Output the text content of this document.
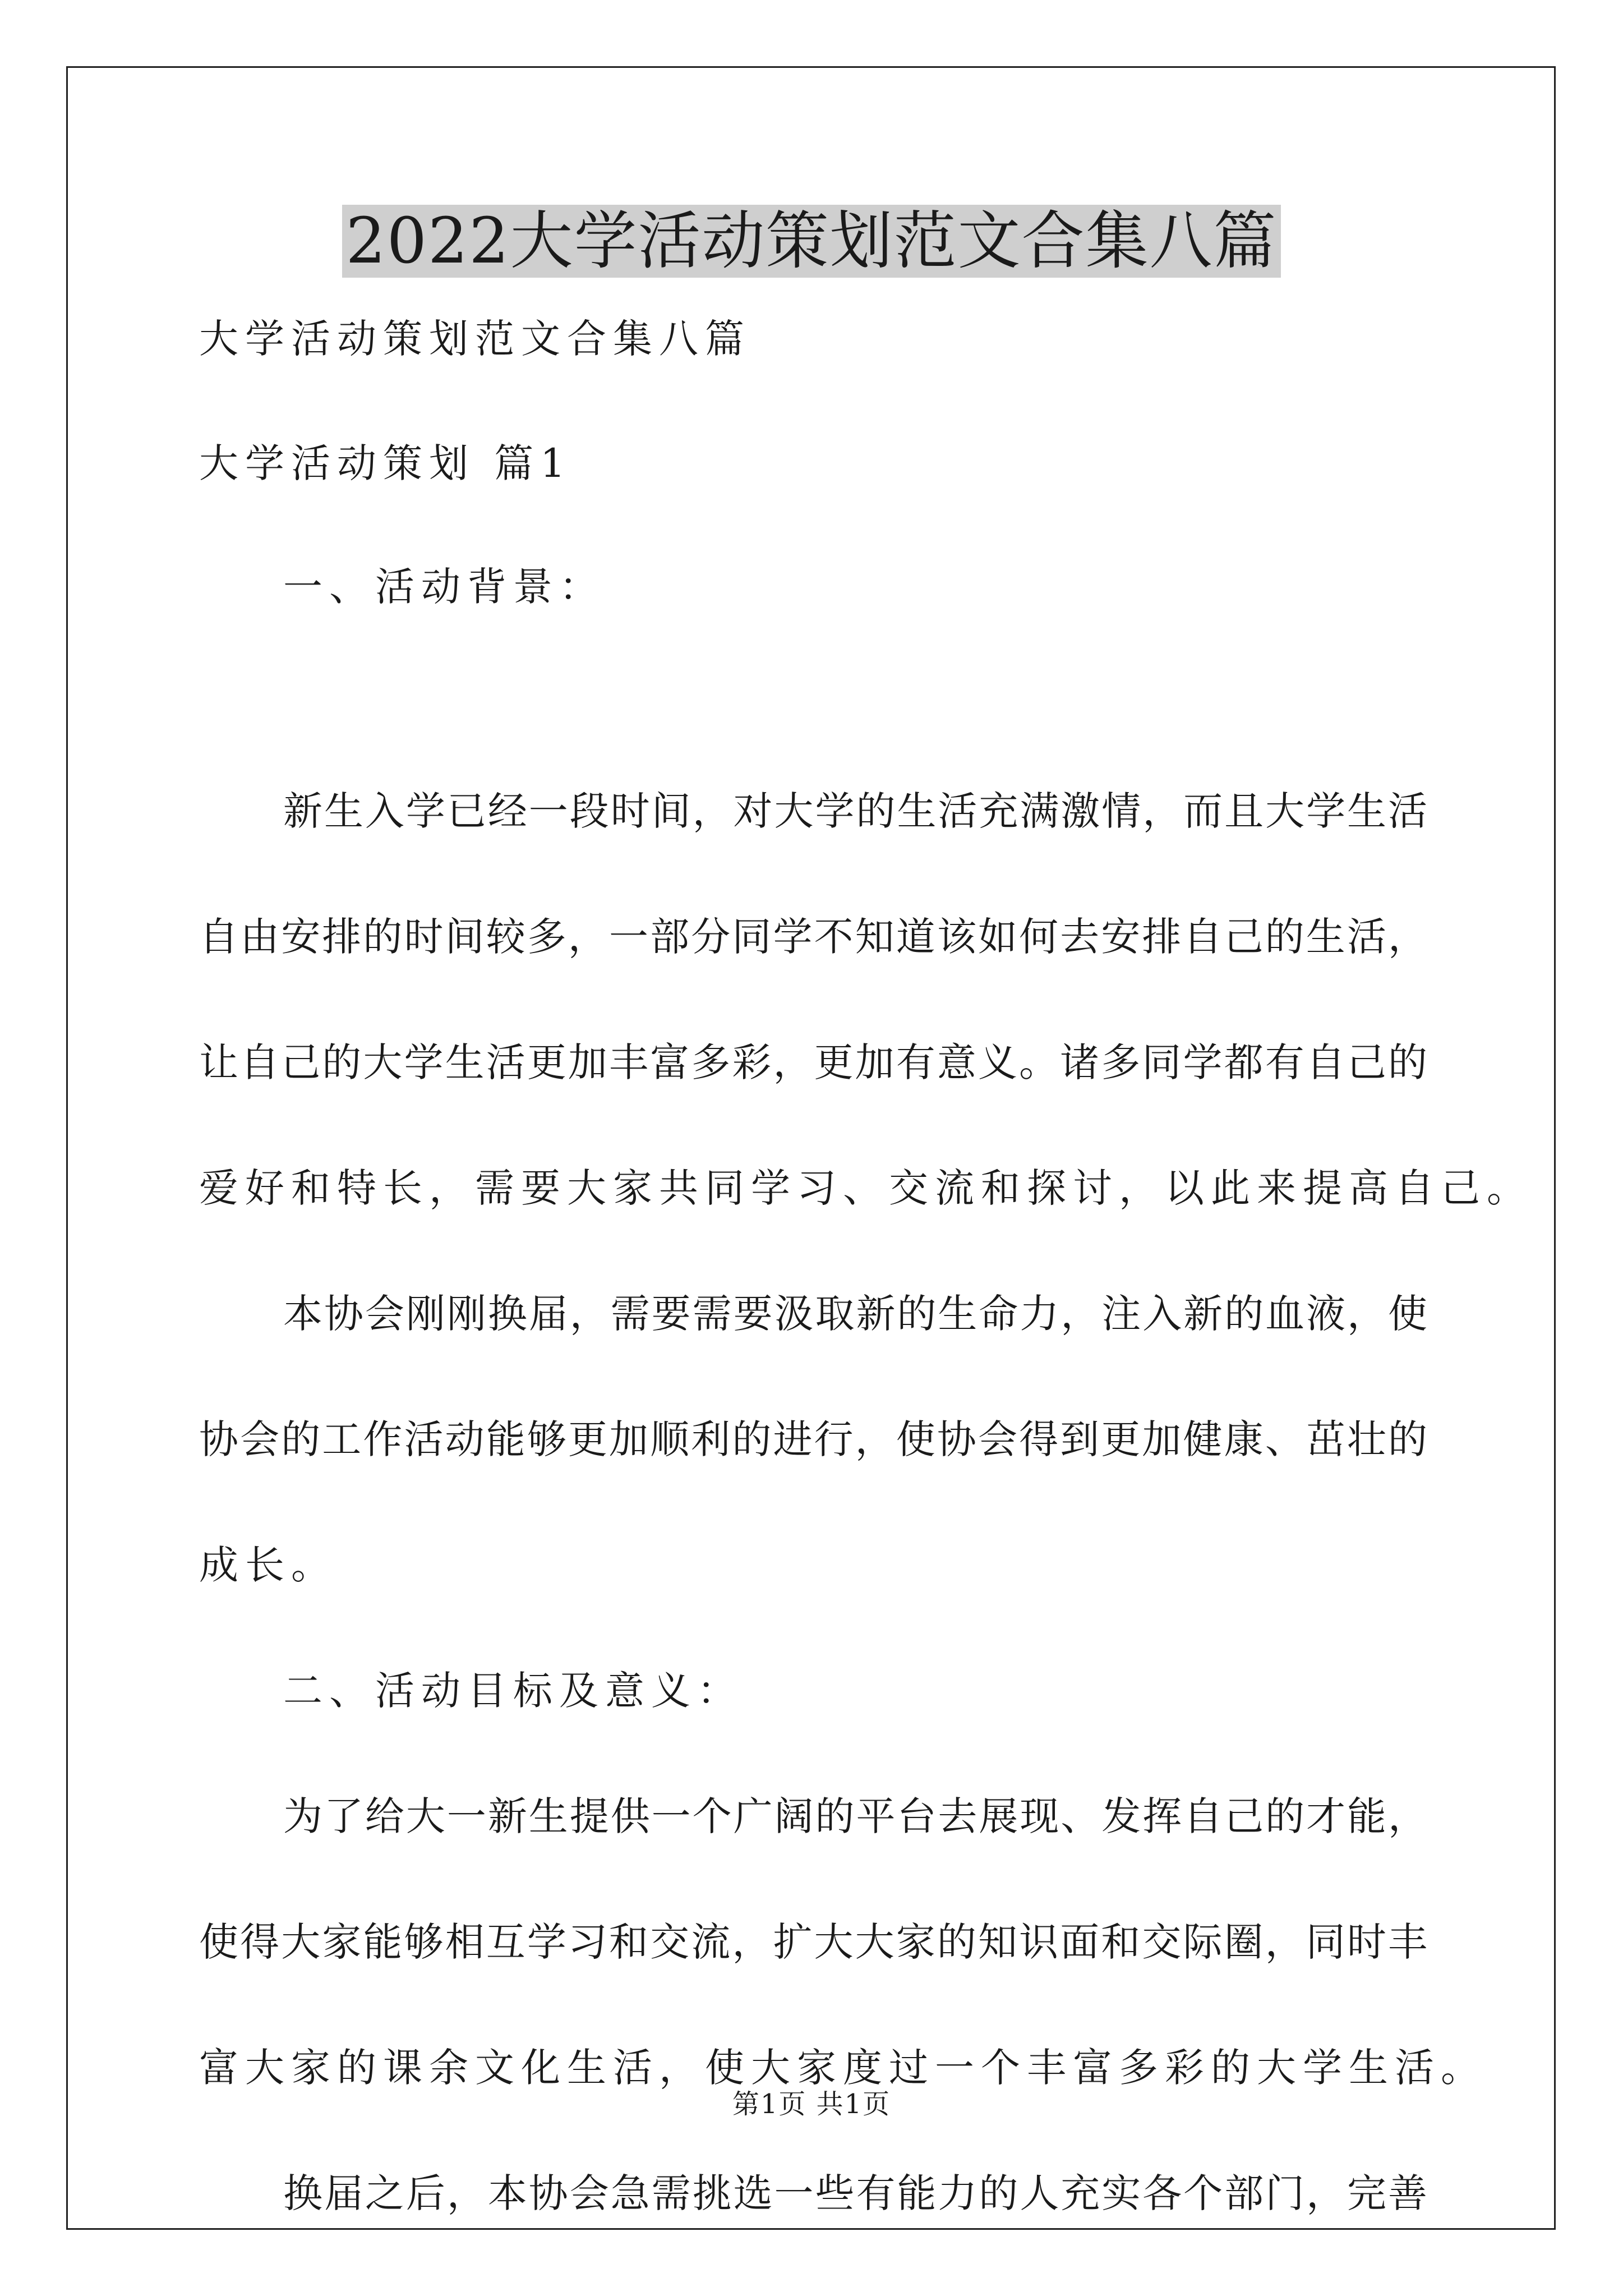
2022大学活动策划范文合集八篇
大学活动策划范文合集八篇
大学活动策划 篇1
一、活动背景：
新生入学已经一段时间，对大学的生活充满激情，而且大学生活
自由安排的时间较多，一部分同学不知道该如何去安排自己的生活，
让自己的大学生活更加丰富多彩，更加有意义。诸多同学都有自己的
爱好和特长，需要大家共同学习、交流和探讨，以此来提高自己。
本协会刚刚换届，需要需要汲取新的生命力，注入新的血液，使
协会的工作活动能够更加顺利的进行，使协会得到更加健康、茁壮的
成长。
二、活动目标及意义：
为了给大一新生提供一个广阔的平台去展现、发挥自己的才能，
使得大家能够相互学习和交流，扩大大家的知识面和交际圈，同时丰
富大家的课余文化生活，使大家度过一个丰富多彩的大学生活。
换届之后，本协会急需挑选一些有能力的人充实各个部门，完善
第1页 共1页
